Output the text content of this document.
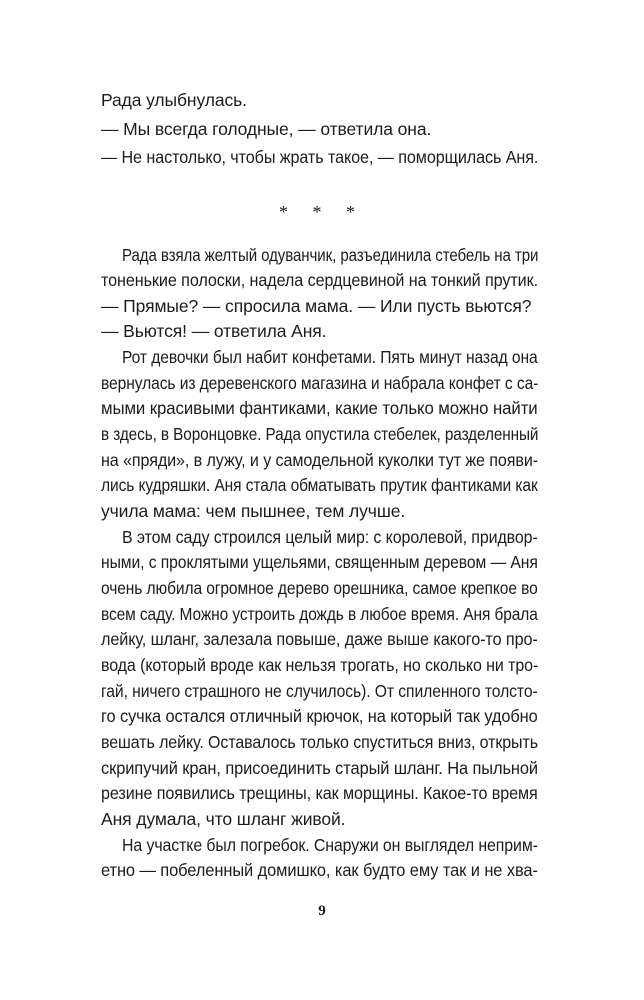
Рада улыбнулась.
— Мы всегда голодные, — ответила она.
— Не настолько, чтобы жрать такое, — поморщилась Аня.
* * *
Рада взяла желтый одуванчик, разъединила стебель на три
тоненькие полоски, надела сердцевиной на тонкий прутик.
— Прямые? — спросила мама. — Или пусть вьются?
— Вьются! — ответила Аня.
Рот девочки был набит конфетами. Пять минут назад она
вернулась из деревенского магазина и набрала конфет с са-
мыми красивыми фантиками, какие только можно найти
в здесь, в Воронцовке. Рада опустила стебелек, разделенный
на «пряди», в лужу, и у самодельной куколки тут же появи-
лись кудряшки. Аня стала обматывать прутик фантиками как
учила мама: чем пышнее, тем лучше.
В этом саду строился целый мир: с королевой, придвор-
ными, с проклятыми ущельями, священным деревом — Аня
очень любила огромное дерево орешника, самое крепкое во
всем саду. Можно устроить дождь в любое время. Аня брала
лейку, шланг, залезала повыше, даже выше какого-то про-
вода (который вроде как нельзя трогать, но сколько ни тро-
гай, ничего страшного не случилось). От спиленного толсто-
го сучка остался отличный крючок, на который так удобно
вешать лейку. Оставалось только спуститься вниз, открыть
скрипучий кран, присоединить старый шланг. На пыльной
резине появились трещины, как морщины. Какое-то время
Аня думала, что шланг живой.
На участке был погребок. Снаружи он выглядел неприм-
етно — побеленный домишко, как будто ему так и не хва-
9
